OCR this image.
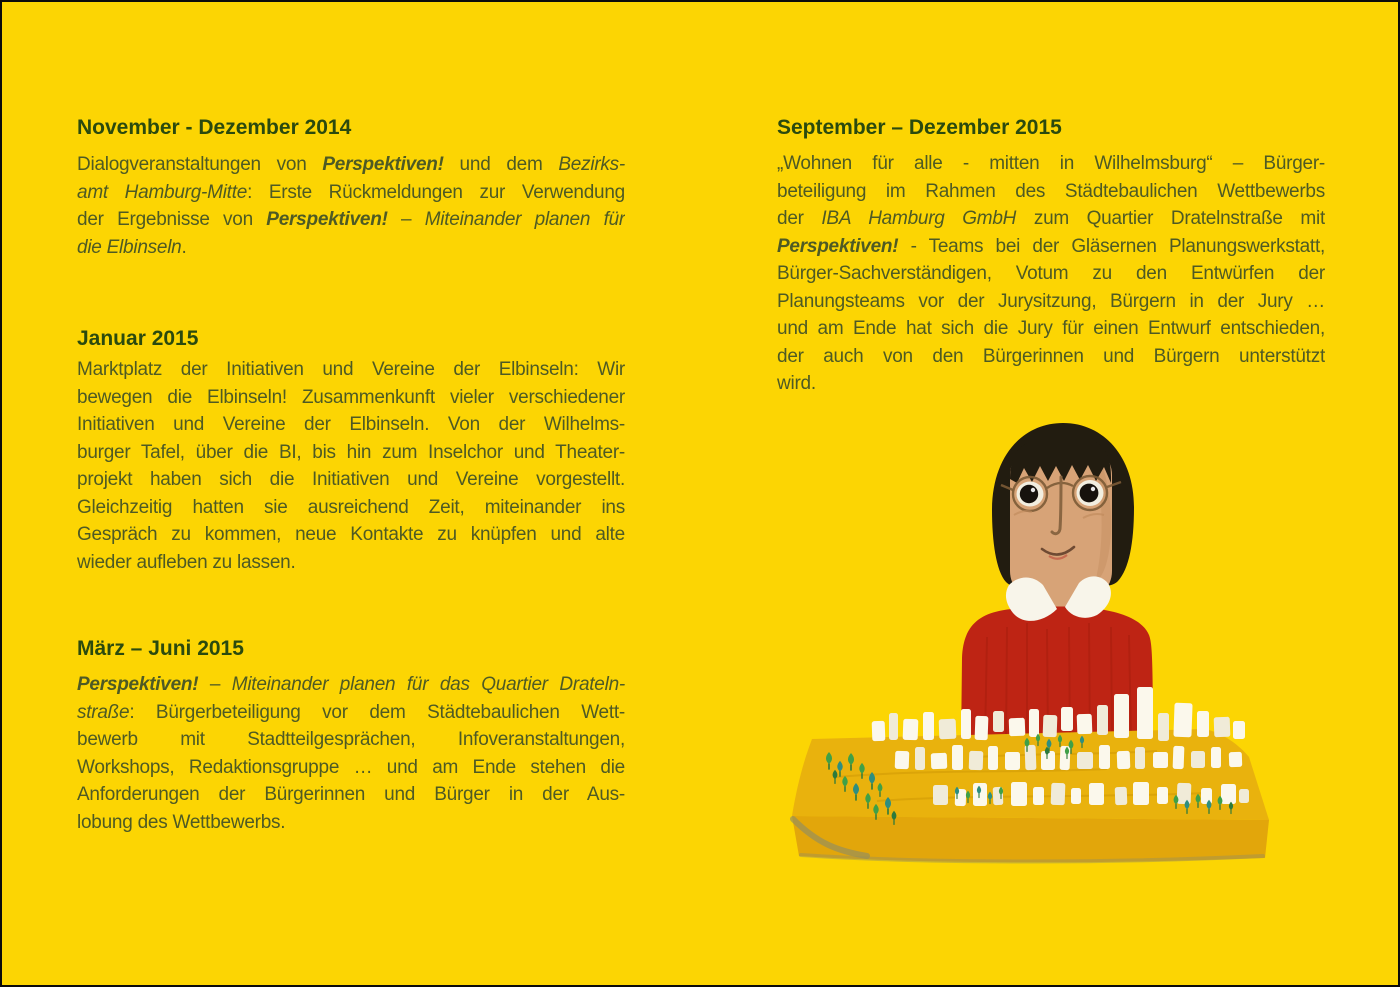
November - Dezember 2014
Dialogveranstaltungen von Perspektiven! und dem Bezirks-
amt Hamburg-Mitte: Erste Rückmeldungen zur Verwendung
der Ergebnisse von Perspektiven! – Miteinander planen für
die Elbinseln.
Januar 2015
Marktplatz der Initiativen und Vereine der Elbinseln: Wir
bewegen die Elbinseln! Zusammenkunft vieler verschiedener
Initiativen und Vereine der Elbinseln. Von der Wilhelms-
burger Tafel, über die BI, bis hin zum Inselchor und Theater-
projekt haben sich die Initiativen und Vereine vorgestellt.
Gleichzeitig hatten sie ausreichend Zeit, miteinander ins
Gespräch zu kommen, neue Kontakte zu knüpfen und alte
wieder aufleben zu lassen.
März – Juni 2015
Perspektiven! – Miteinander planen für das Quartier Drateln-
straße: Bürgerbeteiligung vor dem Städtebaulichen Wett-
bewerb mit Stadtteilgesprächen, Infoveranstaltungen,
Workshops, Redaktionsgruppe … und am Ende stehen die
Anforderungen der Bürgerinnen und Bürger in der Aus-
lobung des Wettbewerbs.
September – Dezember 2015
„Wohnen für alle - mitten in Wilhelmsburg“ – Bürger-
beteiligung im Rahmen des Städtebaulichen Wettbewerbs
der IBA Hamburg GmbH zum Quartier Dratelnstraße mit
Perspektiven! - Teams bei der Gläsernen Planungswerkstatt,
Bürger-Sachverständigen, Votum zu den Entwürfen der
Planungsteams vor der Jurysitzung, Bürgern in der Jury …
und am Ende hat sich die Jury für einen Entwurf entschieden,
der auch von den Bürgerinnen und Bürgern unterstützt
wird.
